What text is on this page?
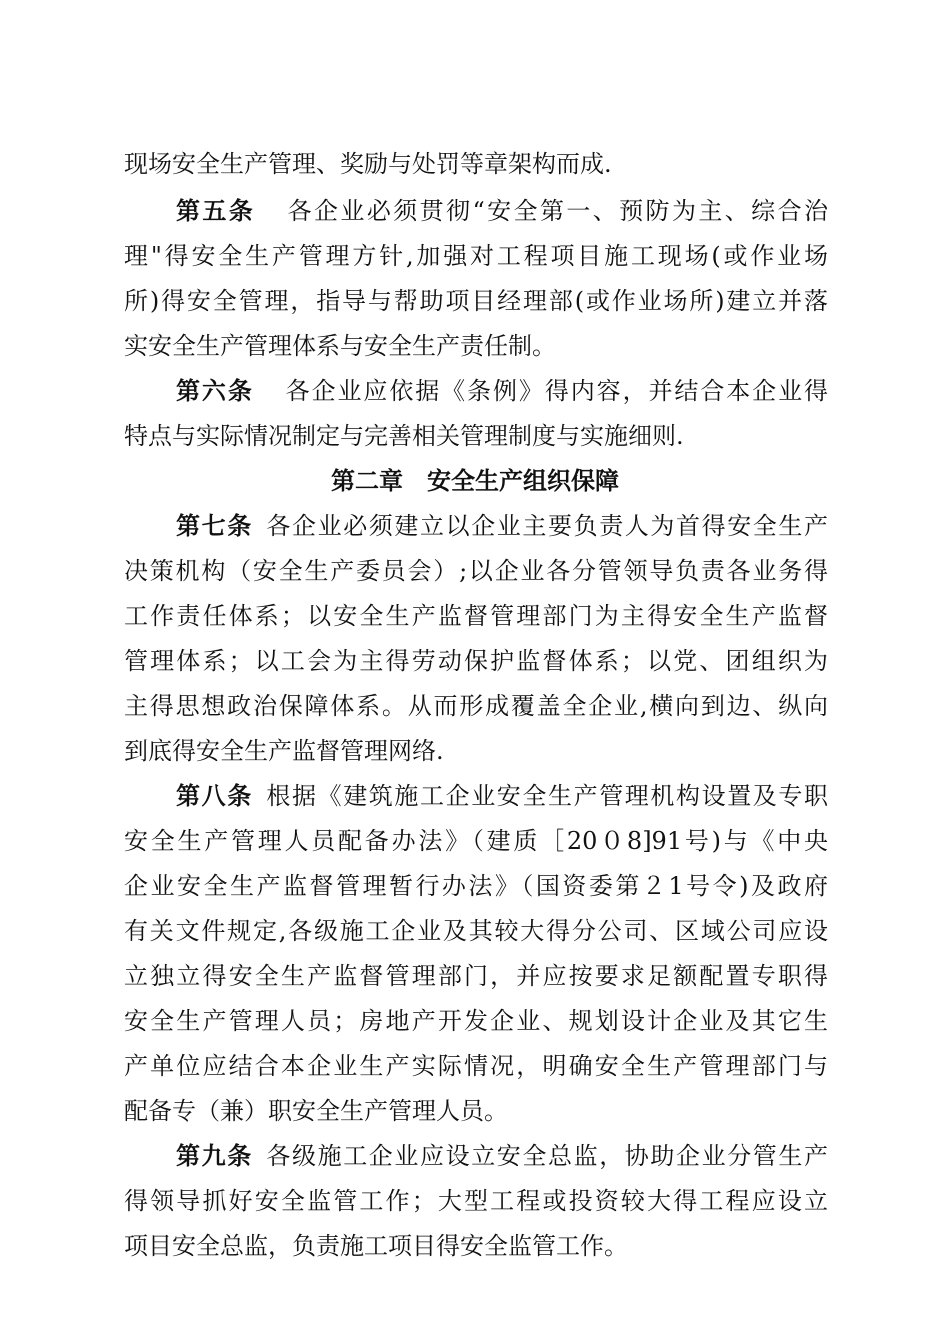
现场安全生产管理、奖励与处罚等章架构而成.
第五条 各企业必须贯彻“安全第一、预防为主、综合治
理"得安全生产管理方针,加强对工程项目施工现场(或作业场
所)得安全管理，指导与帮助项目经理部(或作业场所)建立并落
实安全生产管理体系与安全生产责任制。
第六条 各企业应依据《条例》得内容，并结合本企业得
特点与实际情况制定与完善相关管理制度与实施细则.
第二章 安全生产组织保障
第七条 各企业必须建立以企业主要负责人为首得安全生产
决策机构（安全生产委员会）;以企业各分管领导负责各业务得
工作责任体系；以安全生产监督管理部门为主得安全生产监督
管理体系；以工会为主得劳动保护监督体系；以党、团组织为
主得思想政治保障体系。从而形成覆盖全企业,横向到边、纵向
到底得安全生产监督管理网络.
第八条 根据《建筑施工企业安全生产管理机构设置及专职
安全生产管理人员配备办法》（建质［20０8]91号)与《中央
企业安全生产监督管理暂行办法》（国资委第２1号令)及政府
有关文件规定,各级施工企业及其较大得分公司、区域公司应设
立独立得安全生产监督管理部门，并应按要求足额配置专职得
安全生产管理人员；房地产开发企业、规划设计企业及其它生
产单位应结合本企业生产实际情况，明确安全生产管理部门与
配备专（兼）职安全生产管理人员。
第九条 各级施工企业应设立安全总监，协助企业分管生产
得领导抓好安全监管工作；大型工程或投资较大得工程应设立
项目安全总监，负责施工项目得安全监管工作。
